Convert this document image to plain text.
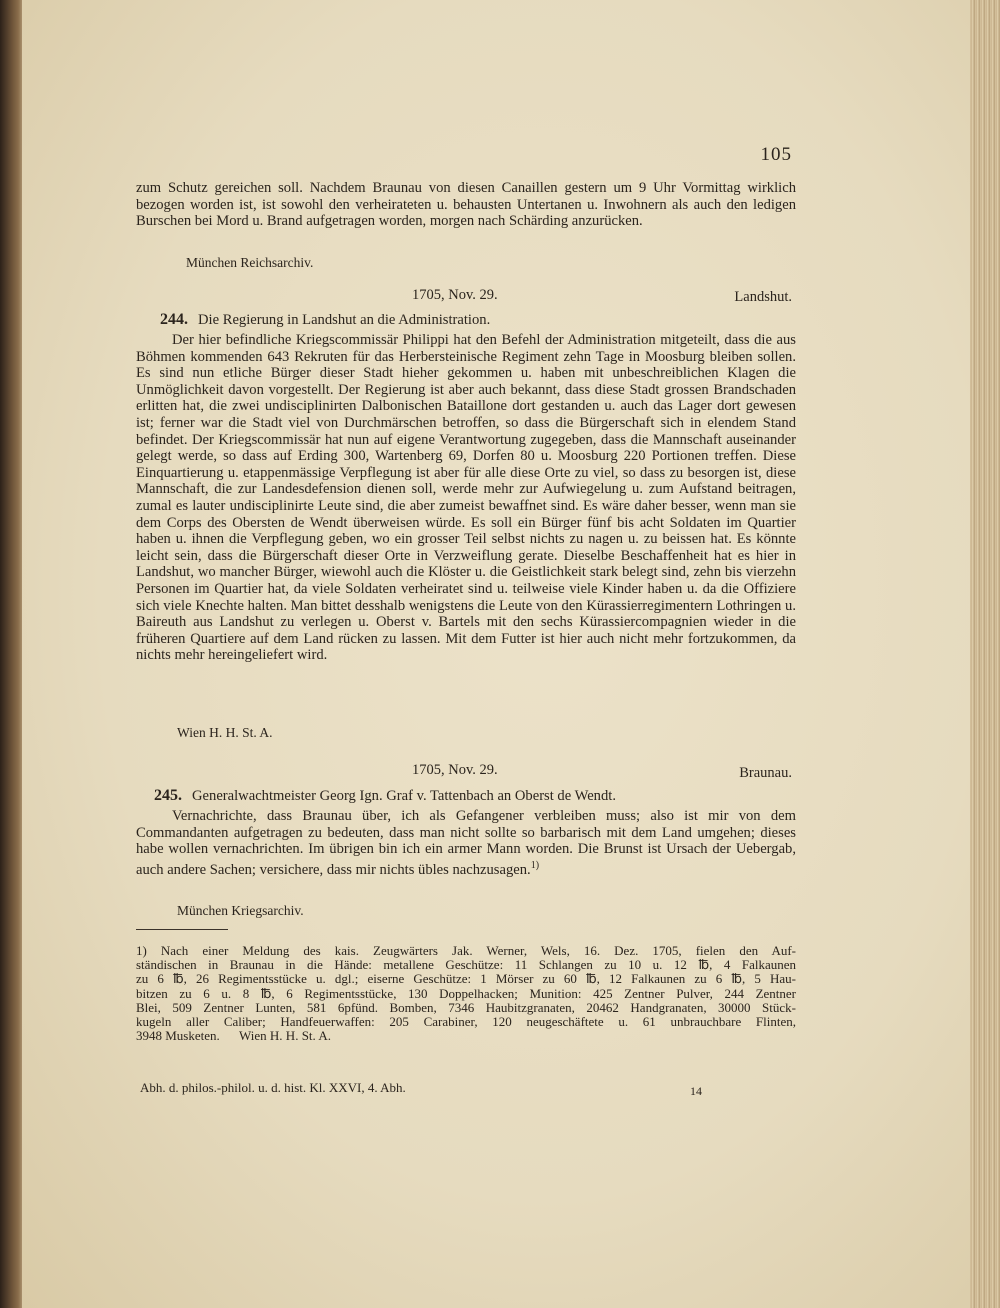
105
zum Schutz gereichen soll. Nachdem Braunau von diesen Canaillen gestern um 9 Uhr Vormittag wirklich bezogen worden ist, ist sowohl den verheirateten u. behausten Untertanen u. Inwohnern als auch den ledigen Burschen bei Mord u. Brand aufgetragen worden, morgen nach Schärding anzurücken.
München Reichsarchiv.
1705, Nov. 29.	Landshut.
244. Die Regierung in Landshut an die Administration.
Der hier befindliche Kriegscommissär Philippi hat den Befehl der Administration mitgeteilt, dass die aus Böhmen kommenden 643 Rekruten für das Herbersteinische Regiment zehn Tage in Moosburg bleiben sollen. Es sind nun etliche Bürger dieser Stadt hieher gekommen u. haben mit unbeschreiblichen Klagen die Unmöglichkeit davon vorgestellt. Der Regierung ist aber auch bekannt, dass diese Stadt grossen Brandschaden erlitten hat, die zwei undisciplinirten Dalbonischen Bataillone dort gestanden u. auch das Lager dort gewesen ist; ferner war die Stadt viel von Durchmärschen betroffen, so dass die Bürgerschaft sich in elendem Stand befindet. Der Kriegscommissär hat nun auf eigene Verantwortung zugegeben, dass die Mannschaft auseinander gelegt werde, so dass auf Erding 300, Wartenberg 69, Dorfen 80 u. Moosburg 220 Portionen treffen. Diese Einquartierung u. etappenmässige Verpflegung ist aber für alle diese Orte zu viel, so dass zu besorgen ist, diese Mannschaft, die zur Landesdefension dienen soll, werde mehr zur Aufwiegelung u. zum Aufstand beitragen, zumal es lauter undisciplinirte Leute sind, die aber zumeist bewaffnet sind. Es wäre daher besser, wenn man sie dem Corps des Obersten de Wendt überweisen würde. Es soll ein Bürger fünf bis acht Soldaten im Quartier haben u. ihnen die Verpflegung geben, wo ein grosser Teil selbst nichts zu nagen u. zu beissen hat. Es könnte leicht sein, dass die Bürgerschaft dieser Orte in Verzweiflung gerate. Dieselbe Beschaffenheit hat es hier in Landshut, wo mancher Bürger, wiewohl auch die Klöster u. die Geistlichkeit stark belegt sind, zehn bis vierzehn Personen im Quartier hat, da viele Soldaten verheiratet sind u. teilweise viele Kinder haben u. da die Offiziere sich viele Knechte halten. Man bittet desshalb wenigstens die Leute von den Kürassierregimentern Lothringen u. Baireuth aus Landshut zu verlegen u. Oberst v. Bartels mit den sechs Kürassiercompagnien wieder in die früheren Quartiere auf dem Land rücken zu lassen. Mit dem Futter ist hier auch nicht mehr fortzukommen, da nichts mehr hereingeliefert wird.
Wien H. H. St. A.
1705, Nov. 29.	Braunau.
245. Generalwachtmeister Georg Ign. Graf v. Tattenbach an Oberst de Wendt.
Vernachrichte, dass Braunau über, ich als Gefangener verbleiben muss; also ist mir von dem Commandanten aufgetragen zu bedeuten, dass man nicht sollte so barbarisch mit dem Land umgehen; dieses habe wollen vernachrichten. Im übrigen bin ich ein armer Mann worden. Die Brunst ist Ursach der Uebergab, auch andere Sachen; versichere, dass mir nichts übles nachzusagen.$^{1)}$
München Kriegsarchiv.
1) Nach einer Meldung des kais. Zeugwärters Jak. Werner, Wels, 16. Dez. 1705, fielen den Auf-
ständischen in Braunau in die Hände: metallene Geschütze: 11 Schlangen zu 10 u. 12 ℔, 4 Falkaunen
zu 6 ℔, 26 Regimentsstücke u. dgl.; eiserne Geschütze: 1 Mörser zu 60 ℔, 12 Falkaunen zu 6 ℔, 5 Hau-
bitzen zu 6 u. 8 ℔, 6 Regimentsstücke, 130 Doppelhacken; Munition: 425 Zentner Pulver, 244 Zentner
Blei, 509 Zentner Lunten, 581 6pfünd. Bomben, 7346 Haubitzgranaten, 20462 Handgranaten, 30000 Stück-
kugeln aller Caliber; Handfeuerwaffen: 205 Carabiner, 120 neugeschäftete u. 61 unbrauchbare Flinten,
3948 Musketen.      Wien H. H. St. A.
Abh. d. philos.-philol. u. d. hist. Kl. XXVI, 4. Abh.	14
